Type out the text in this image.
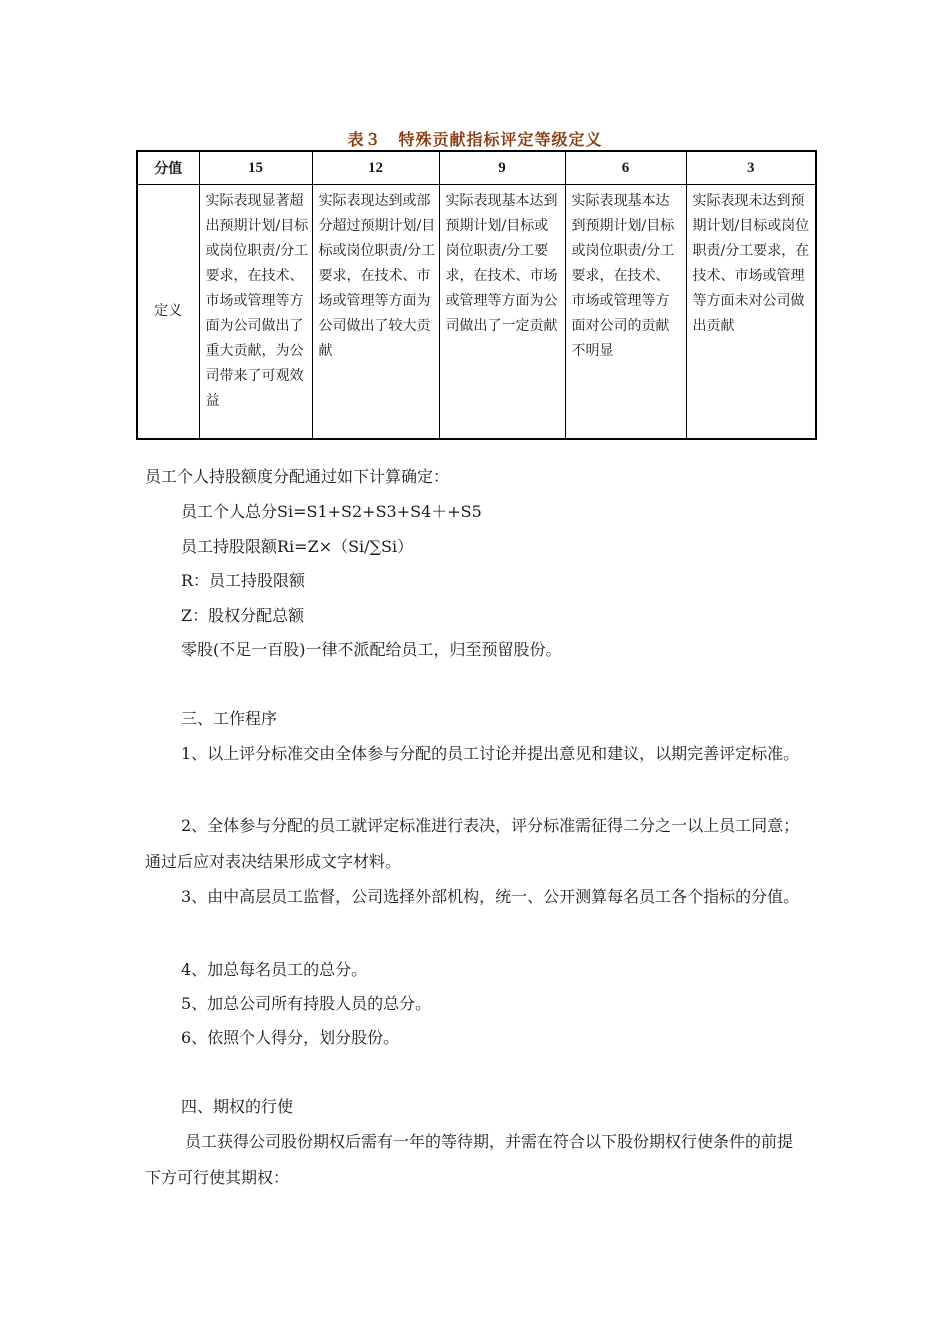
表３　特殊贡献指标评定等级定义
分值	15	12	9	6	3
定义	实际表现显著超出预期计划/目标或岗位职责/分工要求，在技术、市场或管理等方面为公司做出了重大贡献，为公司带来了可观效益	实际表现达到或部分超过预期计划/目标或岗位职责/分工要求，在技术、市场或管理等方面为公司做出了较大贡献	实际表现基本达到预期计划/目标或岗位职责/分工要求，在技术、市场或管理等方面为公司做出了一定贡献	实际表现基本达到预期计划/目标或岗位职责/分工要求，在技术、市场或管理等方面对公司的贡献不明显	实际表现未达到预期计划/目标或岗位职责/分工要求，在技术、市场或管理等方面未对公司做出贡献
员工个人持股额度分配通过如下计算确定：
员工个人总分Si=S1+S2+S3+S4＋+S5
员工持股限额Ri=Z×（Si/∑Si）
R：员工持股限额
Z：股权分配总额
零股(不足一百股)一律不派配给员工，归至预留股份。
三、工作程序
1、以上评分标准交由全体参与分配的员工讨论并提出意见和建议，以期完善评定标准。
2、全体参与分配的员工就评定标准进行表决，评分标准需征得二分之一以上员工同意；通过后应对表决结果形成文字材料。
3、由中高层员工监督，公司选择外部机构，统一、公开测算每名员工各个指标的分值。
4、加总每名员工的总分。
5、加总公司所有持股人员的总分。
6、依照个人得分，划分股份。
四、期权的行使
员工获得公司股份期权后需有一年的等待期，并需在符合以下股份期权行使条件的前提下方可行使其期权：
